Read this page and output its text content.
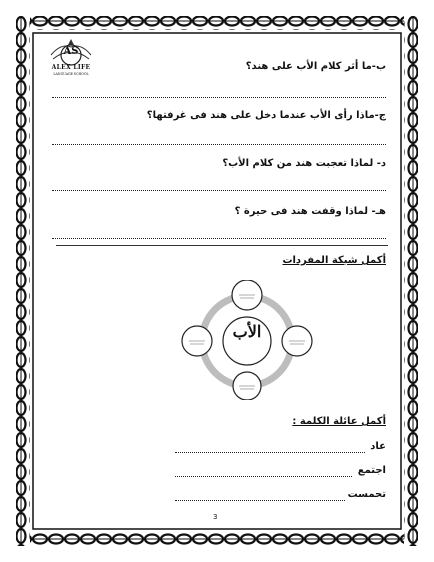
AS
ALEX LIFE
LANGUAGE SCHOOL
ب-ما أثر كلام الأب على هند؟
ج-ماذا رأى الأب عندما دخل على هند فى غرفتها؟
د- لماذا تعجبت هند من كلام الأب؟
هـ- لماذا وقفت هند فى حيرة ؟
أكمل شبكة المفردات
الأب
أكمل عائلة الكلمة :
عاد
اجتمع
تحمست
3
